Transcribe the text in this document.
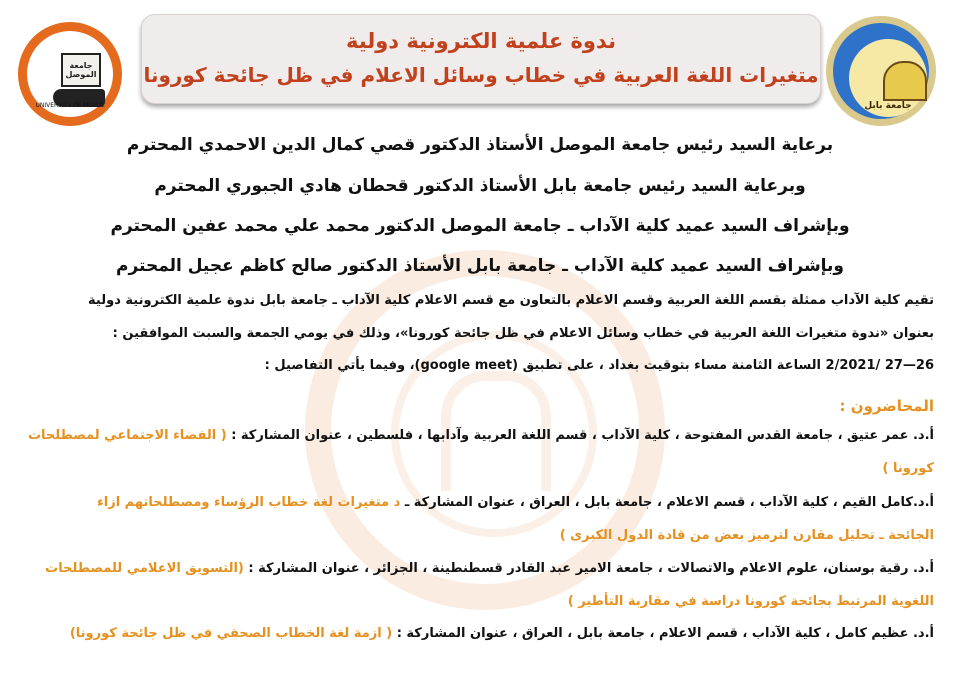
جامعة الموصل
UNIVERSITY OF MOSUL	جامعة بابل
ندوة علمية الكترونية دولية
متغيرات اللغة العربية في خطاب وسائل الاعلام في ظل جائحة كورونا
برعاية السيد رئيس جامعة الموصل الأستاذ الدكتور قصي كمال الدين الاحمدي المحترم
وبرعاية السيد رئيس جامعة بابل الأستاذ الدكتور قحطان هادي الجبوري المحترم
وبإشراف السيد عميد كلية الآداب ـ جامعة الموصل الدكتور محمد علي محمد عفين المحترم
وبإشراف السيد عميد كلية الآداب ـ جامعة بابل الأستاذ الدكتور صالح كاظم عجيل المحترم
تقيم كلية الآداب ممثلة بقسم اللغة العربية وقسم الاعلام بالتعاون مع قسم الاعلام كلية الآداب ـ جامعة بابل ندوة علمية الكترونية دولية
بعنوان «ندوة متغيرات اللغة العربية في خطاب وسائل الاعلام في ظل جائحة كورونا»، وذلك في يومي الجمعة والسبت الموافقين :
26—27 /2/2021 الساعة الثامنة مساء بتوقيت بغداد ، على تطبيق (google meet)، وفيما يأتي التفاصيل :
المحاضرون :
أ.د. عمر عتيق ، جامعة القدس المفتوحة ، كلية الآداب ، قسم اللغة العربية وآدابها ، فلسطين ، عنوان المشاركة : ( الفضاء الاجتماعي لمصطلحات
كورونا )
أ.د.كامل القيم ، كلية الآداب ، قسم الاعلام ، جامعة بابل ، العراق ، عنوان المشاركة ـ د متغيرات لغة خطاب الرؤساء ومصطلحاتهم ازاء
الجائحة ـ تحليل مقارن لترميز بعض من قادة الدول الكبرى )
أ.د. رقية بوسنان، علوم الاعلام والاتصالات ، جامعة الامير عبد القادر قسطنطينة ، الجزائر ، عنوان المشاركة : (التسويق الاعلامي للمصطلحات
اللغوية المرتبط بجائحة كورونا دراسة في مقاربة التأطير )
أ.د. عظيم كامل ، كلية الآداب ، قسم الاعلام ، جامعة بابل ، العراق ، عنوان المشاركة : ( ازمة لغة الخطاب الصحفي في ظل جائحة كورونا)
